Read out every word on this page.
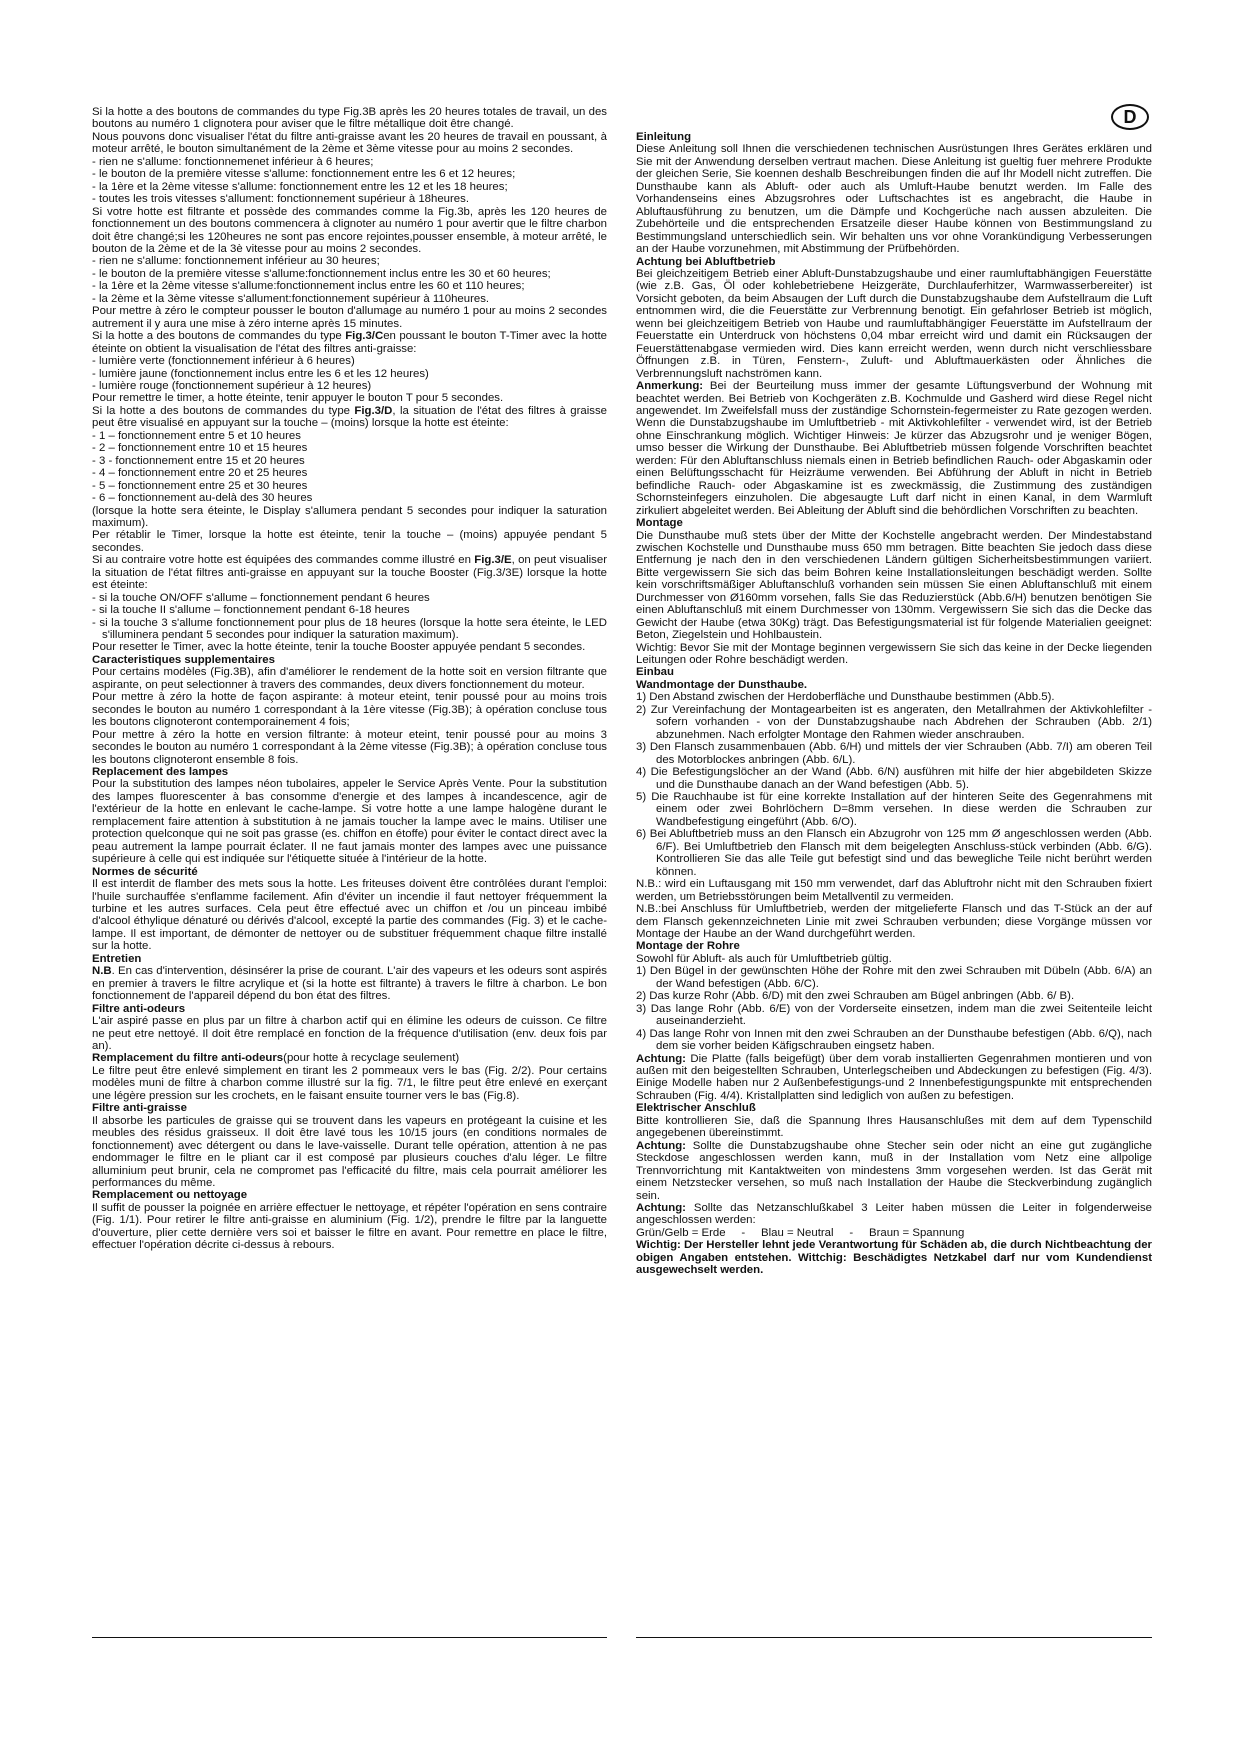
D

Si la hotte a des boutons de commandes du type Fig.3B après les 20 heures totales de travail, un des boutons au numéro 1 clignotera pour aviser que le filtre métallique doit être changé.

Nous pouvons donc visualiser l'état du filtre anti-graisse avant les 20 heures de travail en poussant, à moteur arrêté, le bouton simultanément de la 2ème et 3ème vitesse pour au moins 2 secondes.

- rien ne s'allume: fonctionnemenet inférieur à 6 heures;

- le bouton de la première vitesse s'allume: fonctionnement entre les 6 et 12 heures;

- la 1ère et la 2ème vitesse s'allume: fonctionnement entre les 12 et les 18 heures;

- toutes les trois vitesses s'allument: fonctionnement supérieur à 18heures.

Si votre hotte est filtrante et possède des commandes comme la Fig.3b, après les 120 heures de fonctionnement un des boutons commencera à clignoter au numéro 1 pour avertir que le filtre charbon doit être changé;si les 120heures ne sont pas encore rejointes,pousser ensemble, à moteur arrêté, le bouton de la 2ème et de la 3è vitesse pour au moins 2 secondes.

- rien ne s'allume: fonctionnement inférieur au 30 heures;

- le bouton de la première vitesse s'allume:fonctionnement inclus entre les 30 et 60 heures;

- la 1ère et la 2ème vitesse s'allume:fonctionnement inclus entre les 60 et 110 heures;

- la 2ème et la 3ème vitesse s'allument:fonctionnement supérieur à 110heures.

Pour mettre à zéro le compteur pousser le bouton d'allumage au numéro 1 pour au moins 2 secondes autrement il y aura une mise à zéro interne après 15 minutes.

Si la hotte a des boutons de commandes du type Fig.3/Cen poussant le bouton T-Timer avec la hotte éteinte on obtient la visualisation de l'état des filtres anti-graisse:

- lumière verte (fonctionnement inférieur à 6 heures)

- lumière jaune (fonctionnement inclus entre les 6 et les 12 heures)

- lumière rouge (fonctionnement supérieur à 12 heures)

Pour remettre le timer, a hotte éteinte, tenir appuyer le bouton T pour 5 secondes.

Si la hotte a des boutons de commandes du type Fig.3/D, la situation de l'état des filtres à graisse peut être visualisé en appuyant sur la touche – (moins) lorsque la hotte est éteinte:

- 1 – fonctionnement entre 5 et 10 heures

- 2 – fonctionnement entre 10 et 15 heures

- 3 - fonctionnement entre 15 et 20 heures

- 4 – fonctionnement entre 20 et 25 heures

- 5 – fonctionnement entre 25 et 30 heures

- 6 – fonctionnement au-delà des 30 heures

(lorsque la hotte sera éteinte, le Display s'allumera pendant 5 secondes pour indiquer la saturation maximum).

Per rétablir le Timer, lorsque la hotte est éteinte, tenir la touche – (moins) appuyée pendant 5 secondes.

Si au contraire votre hotte est équipées des commandes comme illustré en Fig.3/E, on peut visualiser la situation de l'état filtres anti-graisse en appuyant sur la touche Booster (Fig.3/3E) lorsque la hotte est éteinte:

- si la touche ON/OFF s'allume – fonctionnement pendant 6 heures

- si la touche II s'allume – fonctionnement pendant 6-18 heures

- si la touche 3 s'allume fonctionnement pour plus de 18 heures (lorsque la hotte sera éteinte, le LED s'illuminera pendant 5 secondes pour indiquer la saturation maximum).

Pour resetter le Timer, avec la hotte éteinte, tenir la touche Booster appuyée pendant 5 secondes.

Caracteristiques supplementaires

Pour certains modèles (Fig.3B), afin d'améliorer le rendement de la hotte soit en version filtrante que aspirante, on peut selectionner à travers des commandes, deux divers fonctionnement du moteur.

Pour mettre à zéro la hotte de façon aspirante: à moteur eteint, tenir poussé pour au moins trois secondes le bouton au numéro 1 correspondant à la 1ère vitesse (Fig.3B); à opération concluse tous les boutons clignoteront contemporainement 4 fois;

Pour mettre à zéro la hotte en version filtrante: à moteur eteint, tenir poussé pour au moins 3 secondes le bouton au numéro 1 correspondant à la 2ème vitesse (Fig.3B); à opération concluse tous les boutons clignoteront ensemble 8 fois.

Replacement des lampes

Pour la substitution des lampes néon tubolaires, appeler le Service Après Vente. Pour la substitution des lampes fluorescenter à bas consomme d'energie et des lampes à incandescence, agir de l'extérieur de la hotte en enlevant le cache-lampe. Si votre hotte a une lampe halogène durant le remplacement faire attention à substitution à ne jamais toucher la lampe avec le mains. Utiliser une protection quelconque qui ne soit pas grasse (es. chiffon en étoffe) pour éviter le contact direct avec la peau autrement la lampe pourrait éclater. Il ne faut jamais monter des lampes avec une puissance supérieure à celle qui est indiquée sur l'étiquette située à l'intérieur de la hotte.

Normes de sécurité

Il est interdit de flamber des mets sous la hotte. Les friteuses doivent être contrôlées durant l'emploi: l'huile surchauffée s'enflamme facilement. Afin d'éviter un incendie il faut nettoyer fréquemment la turbine et les autres surfaces. Cela peut être effectué avec un chiffon et /ou un pinceau imbibé d'alcool éthylique dénaturé ou dérivés d'alcool, excepté la partie des commandes (Fig. 3) et le cache-lampe. Il est important, de démonter de nettoyer ou de substituer fréquemment chaque filtre installé sur la hotte.

Entretien

N.B. En cas d'intervention, désinsérer la prise de courant. L'air des vapeurs et les odeurs sont aspirés en premier à travers le filtre acrylique et (si la hotte est filtrante) à travers le filtre à charbon. Le bon fonctionnement de l'appareil dépend du bon état des filtres.

Filtre anti-odeurs

L'air aspiré passe en plus par un filtre à charbon actif qui en élimine les odeurs de cuisson. Ce filtre ne peut etre nettoyé. Il doit être remplacé en fonction de la fréquence d'utilisation (env. deux fois par an).

Remplacement du filtre anti-odeurs(pour hotte à recyclage seulement)

Le filtre peut être enlevé simplement en tirant les 2 pommeaux vers le bas (Fig. 2/2). Pour certains modèles muni de filtre à charbon comme illustré sur la fig. 7/1, le filtre peut être enlevé en exerçant une légère pression sur les crochets, en le faisant ensuite tourner vers le bas (Fig.8).

Filtre anti-graisse

Il absorbe les particules de graisse qui se trouvent dans les vapeurs en protégeant la cuisine et les meubles des résidus graisseux. Il doit être lavé tous les 10/15 jours (en conditions normales de fonctionnement) avec détergent ou dans le lave-vaisselle. Durant telle opération, attention à ne pas endommager le filtre en le pliant car il est composé par plusieurs couches d'alu léger. Le filtre alluminium peut brunir, cela ne compromet pas l'efficacité du filtre, mais cela pourrait améliorer les performances du même.

Remplacement ou nettoyage

Il suffit de pousser la poignée en arrière effectuer le nettoyage, et répéter l'opération en sens contraire (Fig. 1/1). Pour retirer le filtre anti-graisse en aluminium (Fig. 1/2), prendre le filtre par la languette d'ouverture, plier cette dernière vers soi et baisser le filtre en avant. Pour remettre en place le filtre, effectuer l'opération décrite ci-dessus à rebours.

Einleitung

Diese Anleitung soll Ihnen die verschiedenen technischen Ausrüstungen Ihres Gerätes erklären und Sie mit der Anwendung derselben vertraut machen. Diese Anleitung ist gueltig fuer mehrere Produkte der gleichen Serie, Sie koennen deshalb Beschreibungen finden die auf Ihr Modell nicht zutreffen. Die Dunsthaube kann als Abluft- oder auch als Umluft-Haube benutzt werden. Im Falle des Vorhandenseins eines Abzugsrohres oder Luftschachtes ist es angebracht, die Haube in Abluftausführung zu benutzen, um die Dämpfe und Kochgerüche nach aussen abzuleiten. Die Zubehörteile und die entsprechenden Ersatzeile dieser Haube können von Bestimmungsland zu Bestimmungsland unterschiedlich sein. Wir behalten uns vor ohne Vorankündigung Verbesserungen an der Haube vorzunehmen, mit Abstimmung der Prüfbehörden.

Achtung bei Abluftbetrieb

Bei gleichzeitigem Betrieb einer Abluft-Dunstabzugshaube und einer raumluftabhängigen Feuerstätte (wie z.B. Gas, Öl oder kohlebetriebene Heizgeräte, Durchlauferhitzer, Warmwasserbereiter) ist Vorsicht geboten, da beim Absaugen der Luft durch die Dunstabzugshaube dem Aufstellraum die Luft entnommen wird, die die Feuerstätte zur Verbrennung benotigt. Ein gefahrloser Betrieb ist möglich, wenn bei gleichzeitigem Betrieb von Haube und raumluftabhängiger Feuerstätte im Aufstellraum der Feuerstatte ein Unterdruck von höchstens 0,04 mbar erreicht wird und damit ein Rücksaugen der Feuerstättenabgase vermieden wird. Dies kann erreicht werden, wenn durch nicht verschliessbare Öffnungen z.B. in Türen, Fenstern-, Zuluft- und Abluftmauerkästen oder Ähnliches die Verbrennungsluft nachströmen kann.

Anmerkung: Bei der Beurteilung muss immer der gesamte Lüftungsverbund der Wohnung mit beachtet werden. Bei Betrieb von Kochgeräten z.B. Kochmulde und Gasherd wird diese Regel nicht angewendet. Im Zweifelsfall muss der zuständige Schornstein-fegermeister zu Rate gezogen werden. Wenn die Dunstabzugshaube im Umluftbetrieb - mit Aktivkohlefilter - verwendet wird, ist der Betrieb ohne Einschrankung möglich. Wichtiger Hinweis: Je kürzer das Abzugsrohr und je weniger Bögen, umso besser die Wirkung der Dunsthaube. Bei Abluftbetrieb müssen folgende Vorschriften beachtet werden: Für den Abluftanschluss niemals einen in Betrieb befindlichen Rauch- oder Abgaskamin oder einen Belüftungsschacht für Heizräume verwenden. Bei Abführung der Abluft in nicht in Betrieb befindliche Rauch- oder Abgaskamine ist es zweckmässig, die Zustimmung des zuständigen Schornsteinfegers einzuholen. Die abgesaugte Luft darf nicht in einen Kanal, in dem Warmluft zirkuliert abgeleitet werden. Bei Ableitung der Abluft sind die behördlichen Vorschriften zu beachten.

Montage

Die Dunsthaube muß stets über der Mitte der Kochstelle angebracht werden. Der Mindestabstand zwischen Kochstelle und Dunsthaube muss 650 mm betragen. Bitte beachten Sie jedoch dass diese Entfernung je nach den in den verschiedenen Ländern gültigen Sicherheitsbestimmungen variiert. Bitte vergewissern Sie sich das beim Bohren keine Installationsleitungen beschädigt werden. Sollte kein vorschriftsmäßiger Abluftanschluß vorhanden sein müssen Sie einen Abluftanschluß mit einem Durchmesser von Ø160mm vorsehen, falls Sie das Reduzierstück (Abb.6/H) benutzen benötigen Sie einen Abluftanschluß mit einem Durchmesser von 130mm. Vergewissern Sie sich das die Decke das Gewicht der Haube (etwa 30Kg) trägt. Das Befestigungsmaterial ist für folgende Materialien geeignet: Beton, Ziegelstein und Hohlbaustein.

Wichtig: Bevor Sie mit der Montage beginnen vergewissern Sie sich das keine in der Decke liegenden Leitungen oder Rohre beschädigt werden.

Einbau
Wandmontage der Dunsthaube.

1) Den Abstand zwischen der Herdoberfläche und Dunsthaube bestimmen (Abb.5).

2) Zur Vereinfachung der Montagearbeiten ist es angeraten, den Metallrahmen der Aktivkohlefilter - sofern vorhanden - von der Dunstabzugshaube nach Abdrehen der Schrauben (Abb. 2/1) abzunehmen. Nach erfolgter Montage den Rahmen wieder anschrauben.

3) Den Flansch zusammenbauen (Abb. 6/H) und mittels der vier Schrauben (Abb. 7/I) am oberen Teil des Motorblockes anbringen (Abb. 6/L).

4) Die Befestigungslöcher an der Wand (Abb. 6/N) ausführen mit hilfe der hier abgebildeten Skizze und die Dunsthaube danach an der Wand befestigen (Abb. 5).

5) Die Rauchhaube ist für eine korrekte Installation auf der hinteren Seite des Gegenrahmens mit einem oder zwei Bohrlöchern D=8mm versehen. In diese werden die Schrauben zur Wandbefestigung eingeführt (Abb. 6/O).

6) Bei Abluftbetrieb muss an den Flansch ein Abzugrohr von 125 mm Ø angeschlossen werden (Abb. 6/F). Bei Umluftbetrieb den Flansch mit dem beigelegten Anschluss-stück verbinden (Abb. 6/G). Kontrollieren Sie das alle Teile gut befestigt sind und das bewegliche Teile nicht berührt werden können.

N.B.: wird ein Luftausgang mit 150 mm verwendet, darf das Abluftrohr nicht mit den Schrauben fixiert werden, um Betriebsstörungen beim Metallventil zu vermeiden.

N.B.:bei Anschluss für Umluftbetrieb, werden der mitgelieferte Flansch und das T-Stück an der auf dem Flansch gekennzeichneten Linie mit zwei Schrauben verbunden; diese Vorgänge müssen vor Montage der Haube an der Wand durchgeführt werden.

Montage der Rohre

Sowohl für Abluft- als auch für Umluftbetrieb gültig.

1) Den Bügel in der gewünschten Höhe der Rohre mit den zwei Schrauben mit Dübeln (Abb. 6/A) an der Wand befestigen (Abb. 6/C).

2) Das kurze Rohr (Abb. 6/D) mit den zwei Schrauben am Bügel anbringen (Abb. 6/ B).

3) Das lange Rohr (Abb. 6/E) von der Vorderseite einsetzen, indem man die zwei Seitenteile leicht auseinanderzieht.

4) Das lange Rohr von Innen mit den zwei Schrauben an der Dunsthaube befestigen (Abb. 6/Q), nach dem sie vorher beiden Käfigschrauben eingsetz haben.

Achtung: Die Platte (falls beigefügt) über dem vorab installierten Gegenrahmen montieren und von außen mit den beigestellten Schrauben, Unterlegscheiben und Abdeckungen zu befestigen (Fig. 4/3). Einige Modelle haben nur 2 Außenbefestigungs-und 2 Innenbefestigungspunkte mit entsprechenden Schrauben (Fig. 4/4). Kristallplatten sind lediglich von außen zu befestigen.

Elektrischer Anschluß

Bitte kontrollieren Sie, daß die Spannung Ihres Hausanschlußes mit dem auf dem Typenschild angegebenen übereinstimmt.

Achtung: Sollte die Dunstabzugshaube ohne Stecher sein oder nicht an eine gut zugängliche Steckdose angeschlossen werden kann, muß in der Installation vom Netz eine allpolige Trennvorrichtung mit Kantaktweiten von mindestens 3mm vorgesehen werden. Ist das Gerät mit einem Netzstecker versehen, so muß nach Installation der Haube die Steckverbindung zugänglich sein.

Achtung: Sollte das Netzanschlußkabel 3 Leiter haben müssen die Leiter in folgenderweise angeschlossen werden:

Grün/Gelb = Erde     -     Blau = Neutral     -     Braun = Spannung

Wichtig: Der Hersteller lehnt jede Verantwortung für Schäden ab, die durch Nichtbeachtung der obigen Angaben entstehen. Wittchig: Beschädigtes Netzkabel darf nur vom Kundendienst ausgewechselt werden.
